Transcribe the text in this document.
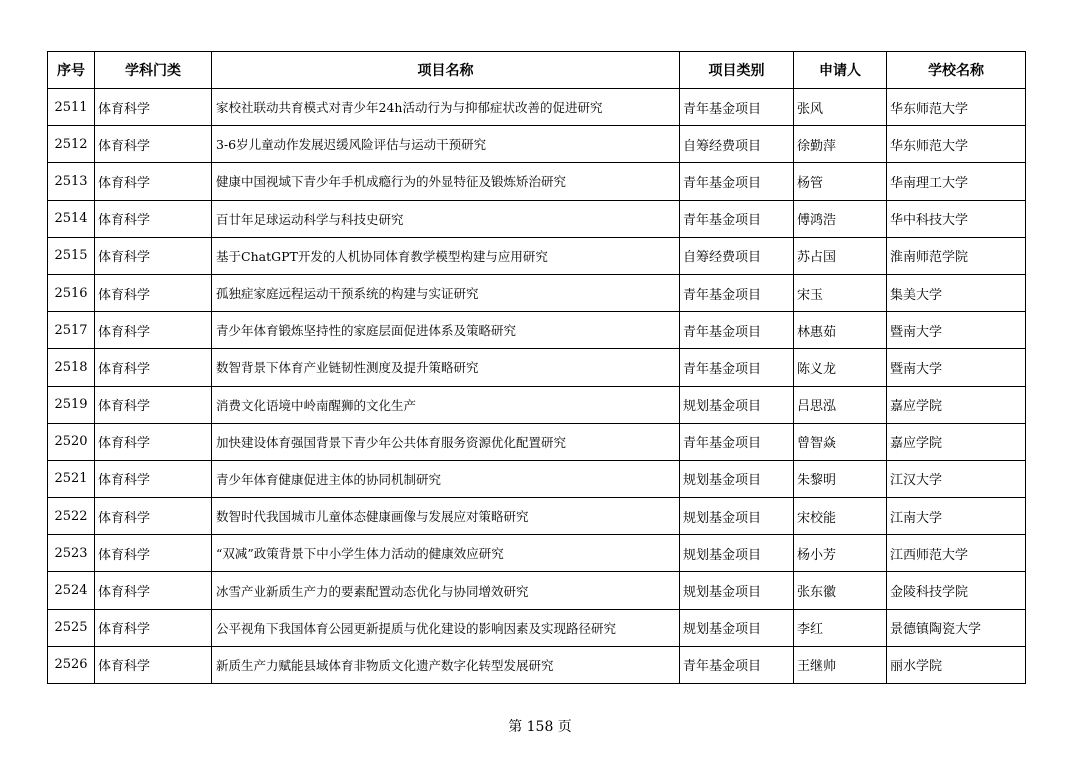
序号	学科门类	项目名称	项目类别	申请人	学校名称
2511	体育科学	家校社联动共育模式对青少年24h活动行为与抑郁症状改善的促进研究	青年基金项目	张风	华东师范大学
2512	体育科学	3-6岁儿童动作发展迟缓风险评估与运动干预研究	自筹经费项目	徐勤萍	华东师范大学
2513	体育科学	健康中国视域下青少年手机成瘾行为的外显特征及锻炼矫治研究	青年基金项目	杨管	华南理工大学
2514	体育科学	百廿年足球运动科学与科技史研究	青年基金项目	傅鸿浩	华中科技大学
2515	体育科学	基于ChatGPT开发的人机协同体育教学模型构建与应用研究	自筹经费项目	苏占国	淮南师范学院
2516	体育科学	孤独症家庭远程运动干预系统的构建与实证研究	青年基金项目	宋玉	集美大学
2517	体育科学	青少年体育锻炼坚持性的家庭层面促进体系及策略研究	青年基金项目	林惠茹	暨南大学
2518	体育科学	数智背景下体育产业链韧性测度及提升策略研究	青年基金项目	陈义龙	暨南大学
2519	体育科学	消费文化语境中岭南醒狮的文化生产	规划基金项目	吕思泓	嘉应学院
2520	体育科学	加快建设体育强国背景下青少年公共体育服务资源优化配置研究	青年基金项目	曾智焱	嘉应学院
2521	体育科学	青少年体育健康促进主体的协同机制研究	规划基金项目	朱黎明	江汉大学
2522	体育科学	数智时代我国城市儿童体态健康画像与发展应对策略研究	规划基金项目	宋校能	江南大学
2523	体育科学	“双减”政策背景下中小学生体力活动的健康效应研究	规划基金项目	杨小芳	江西师范大学
2524	体育科学	冰雪产业新质生产力的要素配置动态优化与协同增效研究	规划基金项目	张东徽	金陵科技学院
2525	体育科学	公平视角下我国体育公园更新提质与优化建设的影响因素及实现路径研究	规划基金项目	李红	景德镇陶瓷大学
2526	体育科学	新质生产力赋能县域体育非物质文化遗产数字化转型发展研究	青年基金项目	王继帅	丽水学院
第 158 页
